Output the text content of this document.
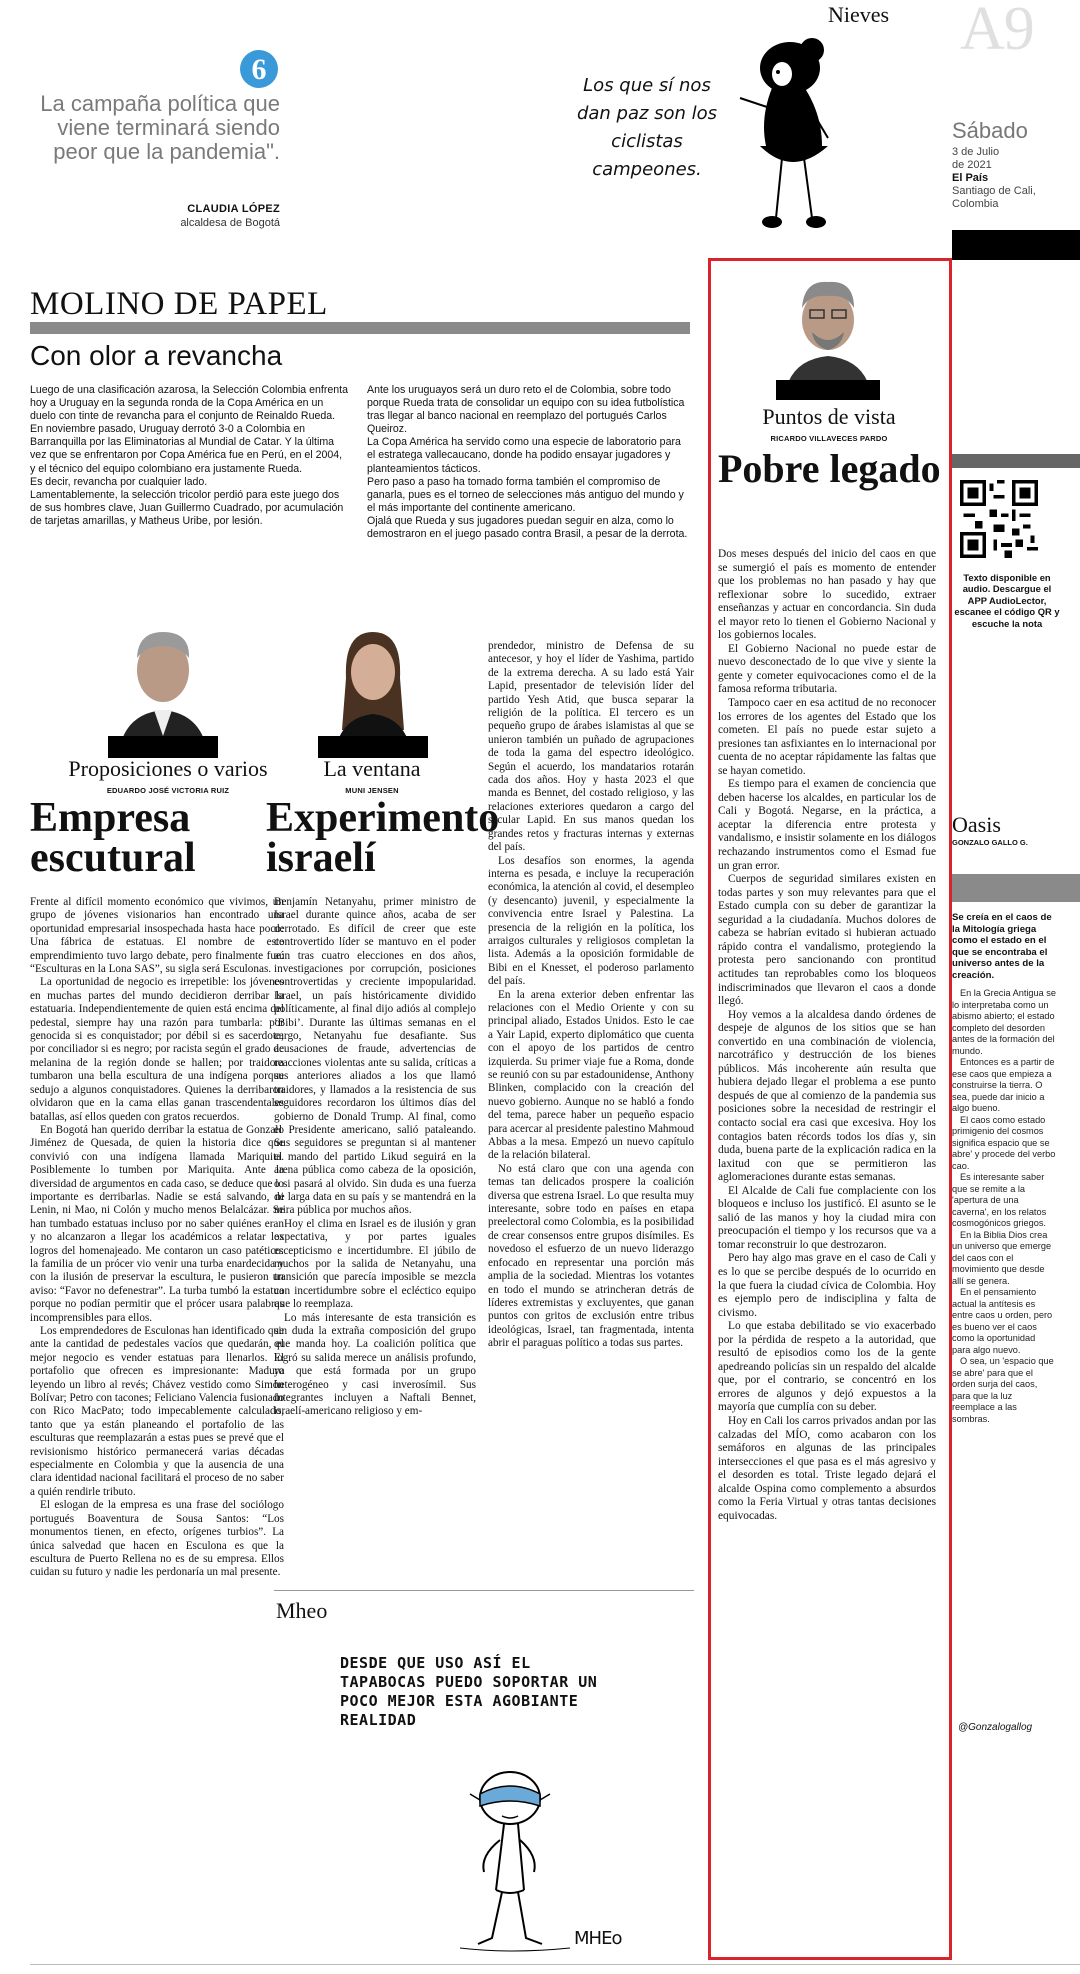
6
La campaña política que viene terminará siendo peor que la pandemia".
CLAUDIA LÓPEZ
alcaldesa de Bogotá
Nieves
Los que sí nos dan paz son los ciclistas campeones.
A9
Sábado
3 de Julio
de 2021
El País
Santiago de Cali,
Colombia
MOLINO DE PAPEL
Con olor a revancha

Luego de una clasificación azarosa, la Selección Colombia enfrenta hoy a Uruguay en la segunda ronda de la Copa América en un duelo con tinte de revancha para el conjunto de Reinaldo Rueda.

En noviembre pasado, Uruguay derrotó 3-0 a Colombia en Barranquilla por las Eliminatorias al Mundial de Catar. Y la última vez que se enfrentaron por Copa América fue en Perú, en el 2004, y el técnico del equipo colombiano era justamente Rueda.

Es decir, revancha por cualquier lado.

Lamentablemente, la selección tricolor perdió para este juego dos de sus hombres clave, Juan Guillermo Cuadrado, por acumulación de tarjetas amarillas, y Matheus Uribe, por lesión.

Ante los uruguayos será un duro reto el de Colombia, sobre todo porque Rueda trata de consolidar un equipo con su idea futbolística tras llegar al banco nacional en reemplazo del portugués Carlos Queiroz.

La Copa América ha servido como una especie de laboratorio para el estratega vallecaucano, donde ha podido ensayar jugadores y planteamientos tácticos.

Pero paso a paso ha tomado forma también el compromiso de ganarla, pues es el torneo de selecciones más antiguo del mundo y el más importante del continente americano.

Ojalá que Rueda y sus jugadores puedan seguir en alza, como lo demostraron en el juego pasado contra Brasil, a pesar de la derrota.

Proposiciones o varios
EDUARDO JOSÉ VICTORIA RUIZ
Empresa escutural

Frente al difícil momento económico que vivimos, un grupo de jóvenes visionarios han encontrado una oportunidad empresarial insospechada hasta hace poco: Una fábrica de estatuas. El nombre de este emprendimiento tuvo largo debate, pero finalmente fue: “Esculturas en la Lona SAS”, su sigla será Esculonas.

La oportunidad de negocio es irrepetible: los jóvenes en muchas partes del mundo decidieron derribar la estatuaria. Independientemente de quien está encima del pedestal, siempre hay una razón para tumbarla: por genocida si es conquistador; por débil si es sacerdote; por conciliador si es negro; por racista según el grado de melanina de la región donde se hallen; por traidora tumbaron una bella escultura de una indígena porque sedujo a algunos conquistadores. Quienes la derribaron olvidaron que en la cama ellas ganan trascendentales batallas, así ellos queden con gratos recuerdos.

En Bogotá han querido derribar la estatua de Gonzalo Jiménez de Quesada, de quien la historia dice que convivió con una indígena llamada Mariquita. Posiblemente lo tumben por Mariquita. Ante la diversidad de argumentos en cada caso, se deduce que lo importante es derribarlas. Nadie se está salvando, ni Lenin, ni Mao, ni Colón y mucho menos Belalcázar. Se han tumbado estatuas incluso por no saber quiénes eran y no alcanzaron a llegar los académicos a relatar los logros del homenajeado. Me contaron un caso patético: la familia de un prócer vio venir una turba enardecida y con la ilusión de preservar la escultura, le pusieron un aviso: “Favor no defenestrar”. La turba tumbó la estatua porque no podían permitir que el prócer usara palabras incomprensibles para ellos.

Los emprendedores de Esculonas han identificado que ante la cantidad de pedestales vacíos que quedarán, el mejor negocio es vender estatuas para llenarlos. El portafolio que ofrecen es impresionante: Maduro leyendo un libro al revés; Chávez vestido como Simón Bolívar; Petro con tacones; Feliciano Valencia fusionado con Rico MacPato; todo impecablemente calculado, tanto que ya están planeando el portafolio de las esculturas que reemplazarán a estas pues se prevé que el revisionismo histórico permanecerá varias décadas especialmente en Colombia y que la ausencia de una clara identidad nacional facilitará el proceso de no saber a quién rendirle tributo.

El eslogan de la empresa es una frase del sociólogo portugués Boaventura de Sousa Santos: “Los monumentos tienen, en efecto, orígenes turbios”. La única salvedad que hacen en Esculona es que la escultura de Puerto Rellena no es de su empresa. Ellos cuidan su futuro y nadie les perdonaría un mal presente.

La ventana
MUNI JENSEN
Experimento israelí

Benjamín Netanyahu, primer ministro de Israel durante quince años, acaba de ser derrotado. Es difícil de creer que este controvertido líder se mantuvo en el poder aún tras cuatro elecciones en dos años, investigaciones por corrupción, posiciones controvertidas y creciente impopularidad. Israel, un país históricamente dividido políticamente, al final dijo adiós al complejo ‘Bibi’. Durante las últimas semanas en el cargo, Netanyahu fue desafiante. Sus acusaciones de fraude, advertencias de reacciones violentas ante su salida, críticas a sus anteriores aliados a los que llamó traidores, y llamados a la resistencia de sus seguidores recordaron los últimos días del gobierno de Donald Trump. Al final, como el Presidente americano, salió pataleando. Sus seguidores se preguntan si al mantener el mando del partido Likud seguirá en la arena pública como cabeza de la oposición, o si pasará al olvido. Sin duda es una fuerza de larga data en su país y se mantendrá en la mira pública por muchos años.

Hoy el clima en Israel es de ilusión y gran expectativa, y por partes iguales escepticismo e incertidumbre. El júbilo de muchos por la salida de Netanyahu, una transición que parecía imposible se mezcla con incertidumbre sobre el ecléctico equipo que lo reemplaza.

Lo más interesante de esta transición es sin duda la extraña composición del grupo que manda hoy. La coalición política que logró su salida merece un análisis profundo, ya que está formada por un grupo heterogéneo y casi inverosímil. Sus integrantes incluyen a Naftali Bennet, israelí-americano religioso y em-

prendedor, ministro de Defensa de su antecesor, y hoy el líder de Yashima, partido de la extrema derecha. A su lado está Yair Lapid, presentador de televisión líder del partido Yesh Atid, que busca separar la religión de la política. El tercero es un pequeño grupo de árabes islamistas al que se unieron también un puñado de agrupaciones de toda la gama del espectro ideológico. Según el acuerdo, los mandatarios rotarán cada dos años. Hoy y hasta 2023 el que manda es Bennet, del costado religioso, y las relaciones exteriores quedaron a cargo del secular Lapid. En sus manos quedan los grandes retos y fracturas internas y externas del país.

Los desafíos son enormes, la agenda interna es pesada, e incluye la recuperación económica, la atención al covid, el desempleo (y desencanto) juvenil, y especialmente la convivencia entre Israel y Palestina. La presencia de la religión en la política, los arraigos culturales y religiosos completan la lista. Además a la oposición formidable de Bibi en el Knesset, el poderoso parlamento del país.

En la arena exterior deben enfrentar las relaciones con el Medio Oriente y con su principal aliado, Estados Unidos. Esto le cae a Yair Lapid, experto diplomático que cuenta con el apoyo de los partidos de centro izquierda. Su primer viaje fue a Roma, donde se reunió con su par estadounidense, Anthony Blinken, complacido con la creación del nuevo gobierno. Aunque no se habló a fondo del tema, parece haber un pequeño espacio para acercar al presidente palestino Mahmoud Abbas a la mesa. Empezó un nuevo capítulo de la relación bilateral.

No está claro que con una agenda con temas tan delicados prospere la coalición diversa que estrena Israel. Lo que resulta muy interesante, sobre todo en países en etapa preelectoral como Colombia, es la posibilidad de crear consensos entre grupos disímiles. Es novedoso el esfuerzo de un nuevo liderazgo enfocado en representar una porción más amplia de la sociedad. Mientras los votantes en todo el mundo se atrincheran detrás de líderes extremistas y excluyentes, que ganan puntos con gritos de exclusión entre tribus ideológicas, Israel, tan fragmentada, intenta abrir el paraguas político a todas sus partes.

Mheo
DESDE QUE USO ASÍ EL TAPABOCAS PUEDO SOPORTAR UN POCO MEJOR ESTA AGOBIANTE REALIDAD
MHEo
Puntos de vista
RICARDO VILLAVECES PARDO
Pobre legado

Dos meses después del inicio del caos en que se sumergió el país es momento de entender que los problemas no han pasado y hay que reflexionar sobre lo sucedido, extraer enseñanzas y actuar en concordancia. Sin duda el mayor reto lo tienen el Gobierno Nacional y los gobiernos locales.

El Gobierno Nacional no puede estar de nuevo desconectado de lo que vive y siente la gente y cometer equivocaciones como el de la famosa reforma tributaria.

Tampoco caer en esa actitud de no reconocer los errores de los agentes del Estado que los cometen. El país no puede estar sujeto a presiones tan asfixiantes en lo internacional por cuenta de no aceptar rápidamente las faltas que se hayan cometido.

Es tiempo para el examen de conciencia que deben hacerse los alcaldes, en particular los de Cali y Bogotá. Negarse, en la práctica, a aceptar la diferencia entre protesta y vandalismo, e insistir solamente en los diálogos rechazando instrumentos como el Esmad fue un gran error.

Cuerpos de seguridad similares existen en todas partes y son muy relevantes para que el Estado cumpla con su deber de garantizar la seguridad a la ciudadanía. Muchos dolores de cabeza se habrían evitado si hubieran actuado rápido contra el vandalismo, protegiendo la protesta pero sancionando con prontitud actitudes tan reprobables como los bloqueos indiscriminados que llevaron el caos a donde llegó.

Hoy vemos a la alcaldesa dando órdenes de despeje de algunos de los sitios que se han convertido en una combinación de violencia, narcotráfico y destrucción de los bienes públicos. Más incoherente aún resulta que hubiera dejado llegar el problema a ese punto después de que al comienzo de la pandemia sus posiciones sobre la necesidad de restringir el contacto social era casi que excesiva. Hoy los contagios baten récords todos los días y, sin duda, buena parte de la explicación radica en la laxitud con que se permitieron las aglomeraciones durante estas semanas.

El Alcalde de Cali fue complaciente con los bloqueos e incluso los justificó. El asunto se le salió de las manos y hoy la ciudad mira con preocupación el tiempo y los recursos que va a tomar reconstruir lo que destrozaron.

Pero hay algo mas grave en el caso de Cali y es lo que se percibe después de lo ocurrido en la que fuera la ciudad cívica de Colombia. Hoy es ejemplo pero de indisciplina y falta de civismo.

Lo que estaba debilitado se vio exacerbado por la pérdida de respeto a la autoridad, que resultó de episodios como los de la gente apedreando policías sin un respaldo del alcalde que, por el contrario, se concentró en los errores de algunos y dejó expuestos a la mayoría que cumplía con su deber.

Hoy en Cali los carros privados andan por las calzadas del MÍO, como acabaron con los semáforos en algunas de las principales intersecciones el que pasa es el más agresivo y el desorden es total. Triste legado dejará el alcalde Ospina como complemento a absurdos como la Feria Virtual y otras tantas decisiones equivocadas.

Texto disponible en audio. Descargue el APP AudioLector, escanee el código QR y escuche la nota
Oasis
GONZALO GALLO G.
Se creía en el caos de la Mitología griega como el estado en el que se encontraba el universo antes de la creación.

En la Grecia Antigua se lo interpretaba como un abismo abierto; el estado completo del desorden antes de la formación del mundo.

Entonces es a partir de ese caos que empieza a construirse la tierra. O sea, puede dar inicio a algo bueno.

El caos como estado primigenio del cosmos significa espacio que se abre' y procede del verbo cao.

Es interesante saber que se remite a la 'apertura de una caverna', en los relatos cosmogónicos griegos.

En la Biblia Dios crea un universo que emerge del caos con el movimiento que desde allí se genera.

En el pensamiento actual la antítesis es entre caos u orden, pero es bueno ver el caos como la oportunidad para algo nuevo.

O sea, un 'espacio que se abre' para que el orden surja del caos, para que la luz reemplace a las sombras.

@Gonzalogallog
